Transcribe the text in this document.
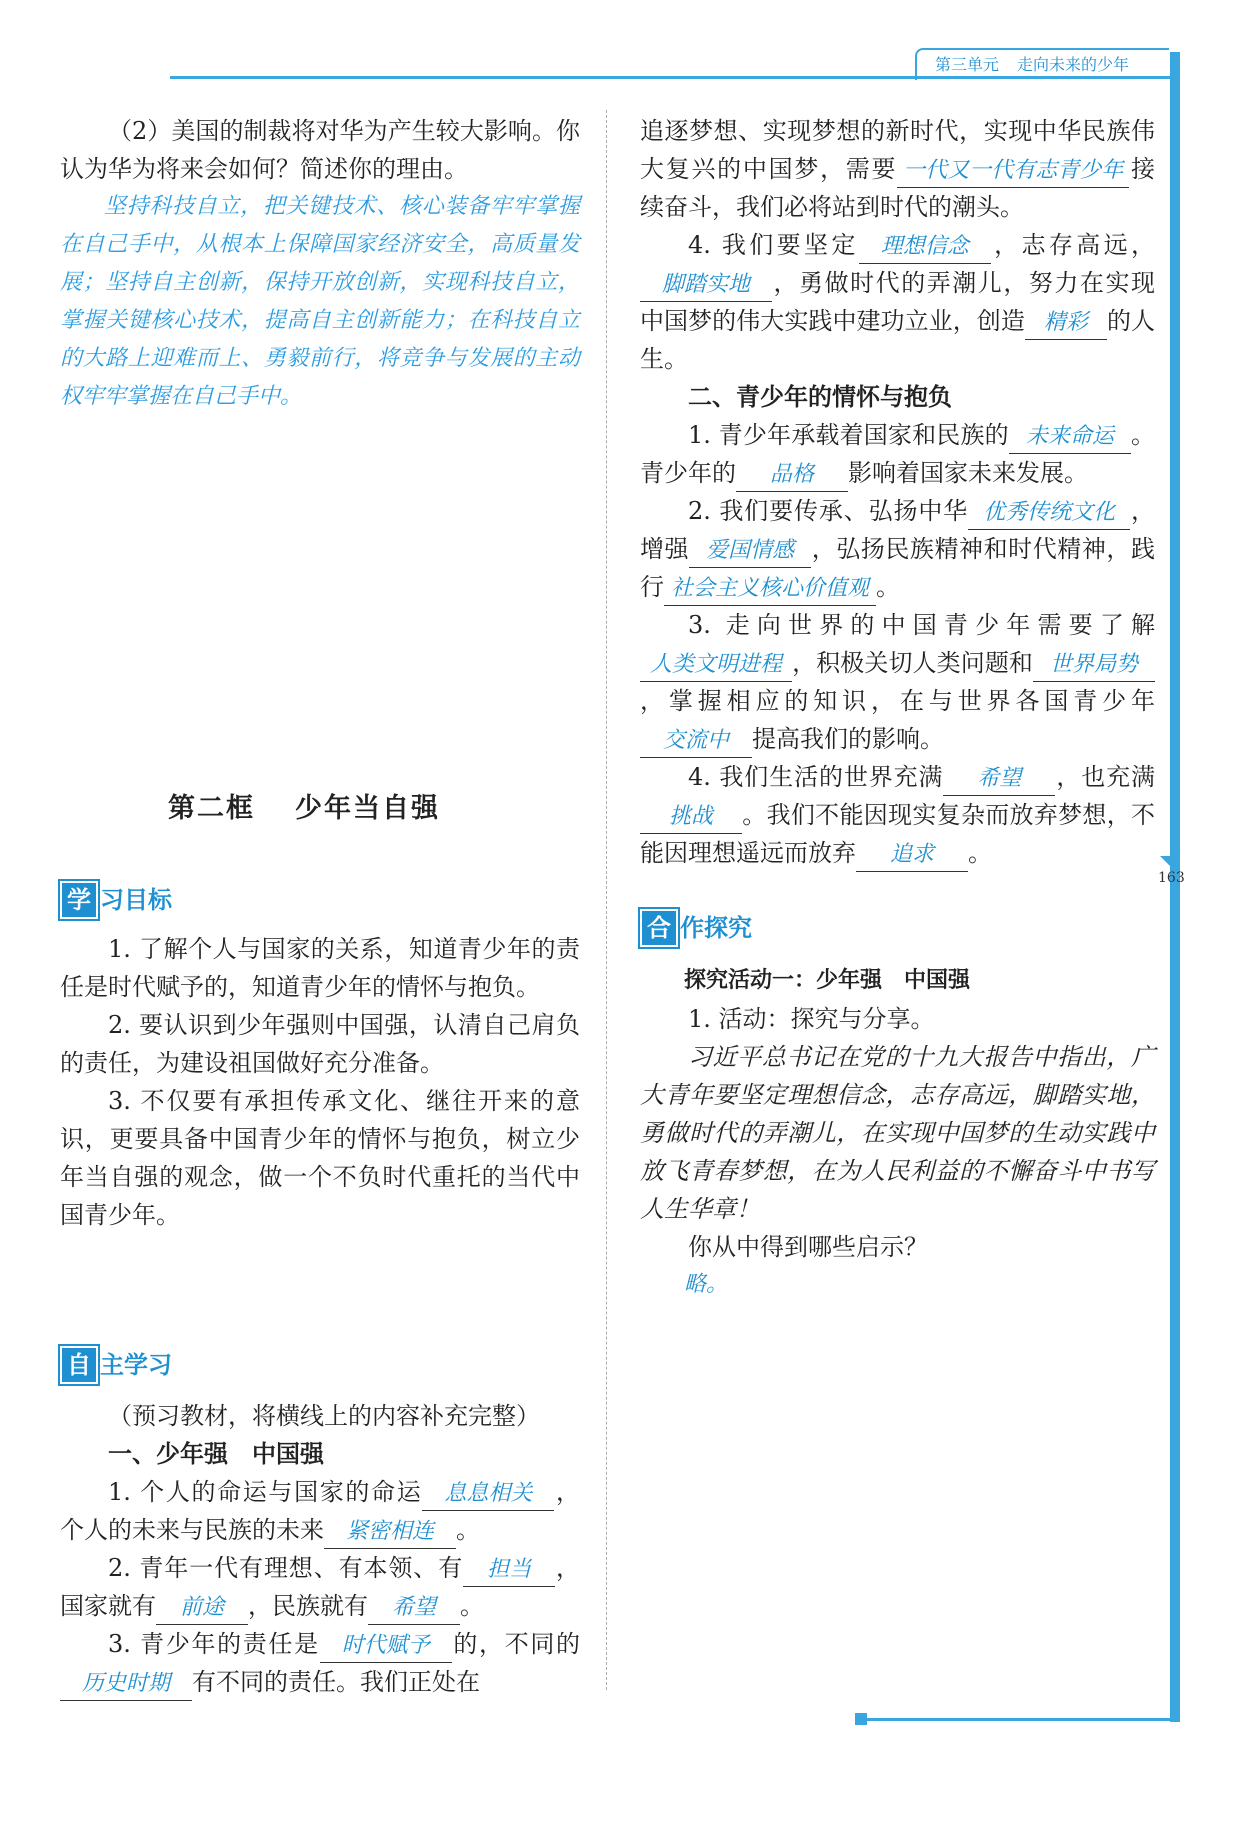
第三单元 走向未来的少年
163

（2）美国的制裁将对华为产生较大影响。你认为华为将来会如何？简述你的理由。

坚持科技自立，把关键技术、核心装备牢牢掌握在自己手中，从根本上保障国家经济安全，高质量发展；坚持自主创新，保持开放创新，实现科技自立，掌握关键核心技术，提高自主创新能力；在科技自立的大路上迎难而上、勇毅前行，将竞争与发展的主动权牢牢掌握在自己手中。

第二框 少年当自强
学 习目标

1. 了解个人与国家的关系，知道青少年的责任是时代赋予的，知道青少年的情怀与抱负。

2. 要认识到少年强则中国强，认清自己肩负的责任，为建设祖国做好充分准备。

3. 不仅要有承担传承文化、继往开来的意识，更要具备中国青少年的情怀与抱负，树立少年当自强的观念，做一个不负时代重托的当代中国青少年。

自 主学习

（预习教材，将横线上的内容补充完整）

一、少年强　中国强

1. 个人的命运与国家的命运 息息相关 ，个人的未来与民族的未来 紧密相连 。

2. 青年一代有理想、有本领、有 担当 ，国家就有 前途 ，民族就有 希望 。

3. 青少年的责任是 时代赋予 的，不同的历史时期 有不同的责任。我们正处在

追逐梦想、实现梦想的新时代，实现中华民族伟大复兴的中国梦，需要 一代又一代有志青少年 接续奋斗，我们必将站到时代的潮头。

4. 我们要坚定 理想信念 ，志存高远，脚踏实地 ，勇做时代的弄潮儿，努力在实现中国梦的伟大实践中建功立业，创造 精彩 的人生。

二、青少年的情怀与抱负

1. 青少年承载着国家和民族的 未来命运 。青少年的 品格 影响着国家未来发展。

2. 我们要传承、弘扬中华 优秀传统文化 ，增强 爱国情感 ，弘扬民族精神和时代精神，践行 社会主义核心价值观 。

3. 走向世界的中国青少年需要了解人类文明进程 ，积极关切人类问题和 世界局势，掌握相应的知识，在与世界各国青少年交流中 提高我们的影响。

4. 我们生活的世界充满 希望 ，也充满挑战 。我们不能因现实复杂而放弃梦想，不能因理想遥远而放弃 追求 。

合 作探究

探究活动一：少年强　中国强

1. 活动：探究与分享。

习近平总书记在党的十九大报告中指出，广大青年要坚定理想信念，志存高远，脚踏实地，勇做时代的弄潮儿，在实现中国梦的生动实践中放飞青春梦想，在为人民利益的不懈奋斗中书写人生华章！

你从中得到哪些启示？

略。
